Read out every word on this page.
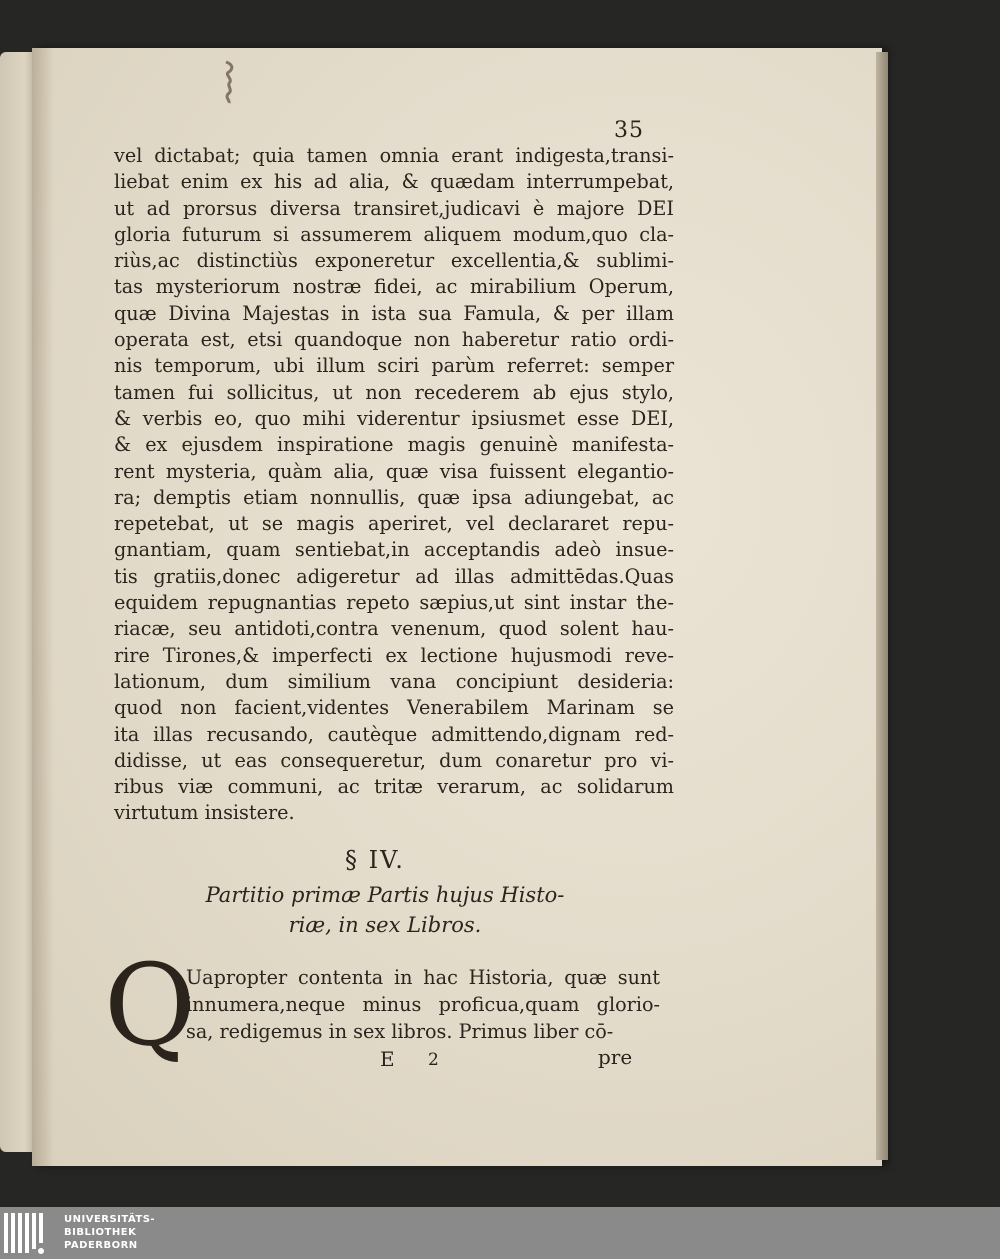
35
vel dictabat; quia tamen omnia erant indigesta,transi-
liebat enim ex his ad alia, & quædam interrumpebat,
ut ad prorsus diversa transiret,judicavi è majore DEI
gloria futurum si assumerem aliquem modum,quo cla-
riùs,ac distinctiùs exponeretur excellentia,& sublimi-
tas mysteriorum nostræ fidei, ac mirabilium Operum,
quæ Divina Majestas in ista sua Famula, & per illam
operata est, etsi quandoque non haberetur ratio ordi-
nis temporum, ubi illum sciri parùm referret: semper
tamen fui sollicitus, ut non recederem ab ejus stylo,
& verbis eo, quo mihi viderentur ipsiusmet esse DEI,
& ex ejusdem inspiratione magis genuinè manifesta-
rent mysteria, quàm alia, quæ visa fuissent elegantio-
ra; demptis etiam nonnullis, quæ ipsa adiungebat, ac
repetebat, ut se magis aperiret, vel declararet repu-
gnantiam, quam sentiebat,in acceptandis adeò insue-
tis gratiis,donec adigeretur ad illas admittēdas.Quas
equidem repugnantias repeto sæpius,ut sint instar the-
riacæ, seu antidoti,contra venenum, quod solent hau-
rire Tirones,& imperfecti ex lectione hujusmodi reve-
lationum, dum similium vana concipiunt desideria:
quod non facient,videntes Venerabilem Marinam se
ita illas recusando, cautèque admittendo,dignam red-
didisse, ut eas consequeretur, dum conaretur pro vi-
ribus viæ communi, ac tritæ verarum, ac solidarum
virtutum insistere.
§ IV.
Partitio primæ Partis hujus Histo-
riæ, in sex Libros.
Q
Uapropter contenta in hac Historia, quæ sunt
innumera,neque minus proficua,quam glorio-
sa, redigemus in sex libros. Primus liber cō-
E 2	pre
UNIVERSITÄTS-
BIBLIOTHEK
PADERBORN
